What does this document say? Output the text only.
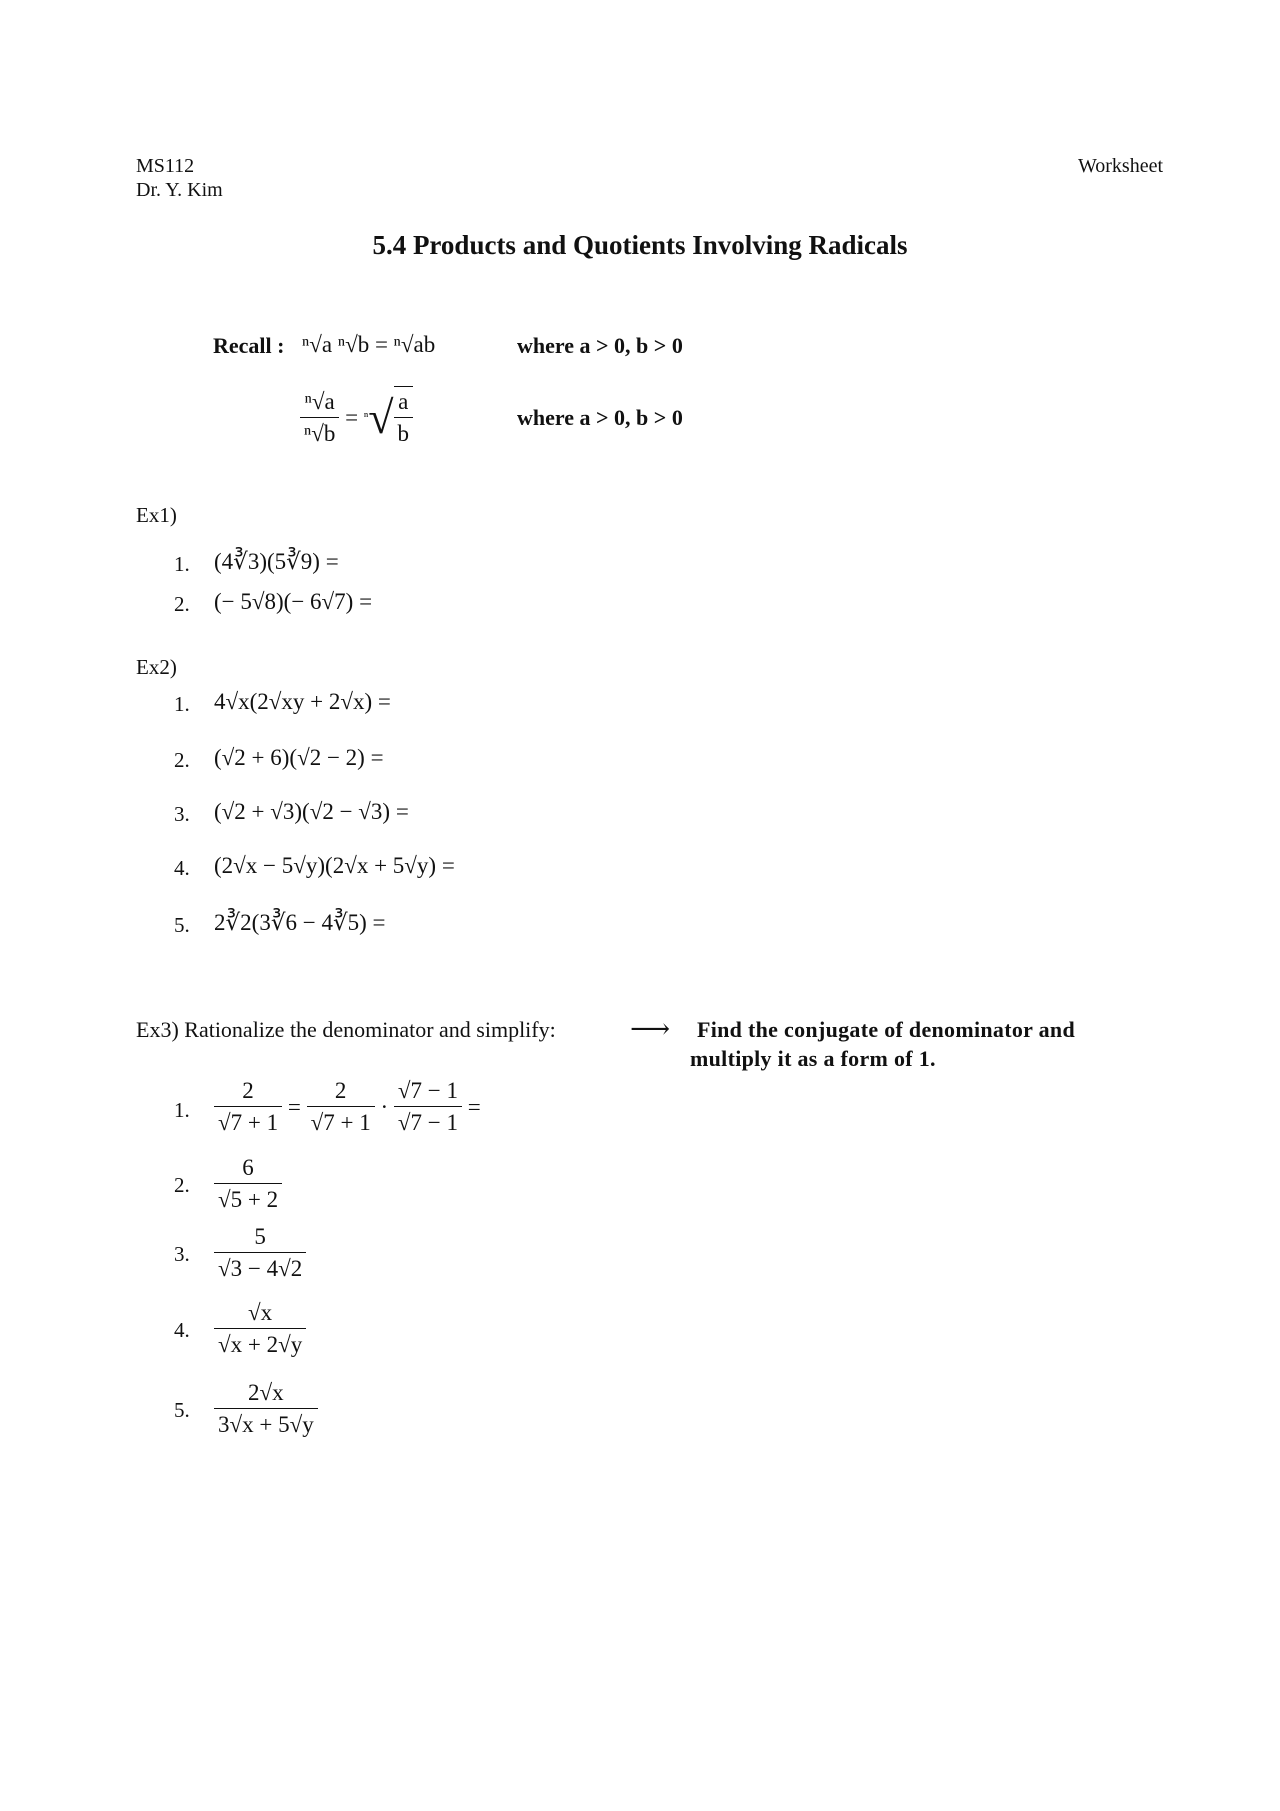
MS112
Dr. Y. Kim
Worksheet
5.4 Products and Quotients Involving Radicals
Recall : ⁿ√a ⁿ√b = ⁿ√ab	where a > 0, b > 0
$\frac{\text{ⁿ√a}}{\text{ⁿ√b}} = ^n√ \frac{a}{b}$	where a > 0, b > 0
Ex1)
1. (4∛3)(5∛9) =
2. (− 5√8)(− 6√7) =
Ex2)
1. 4√x(2√xy + 2√x) =
2. (√2 + 6)(√2 − 2) =
3. (√2 + √3)(√2 − √3) =
4. (2√x − 5√y)(2√x + 5√y) =
5. 2∛2(3∛6 − 4∛5) =
Ex3) Rationalize the denominator and simplify:	⟶ Find the conjugate of denominator and
multiply it as a form of 1.
1. $\frac{2}{√7 + 1} = \frac{2}{√7 + 1} \cdot \frac{√7 - 1}{√7 - 1}$ =
2. $\frac{6}{√5 + 2}$
3. $\frac{5}{√3 - 4√2}$
4. $\frac{√x}{√x + 2√y}$
5. $\frac{2√x}{3√x + 5√y}$
